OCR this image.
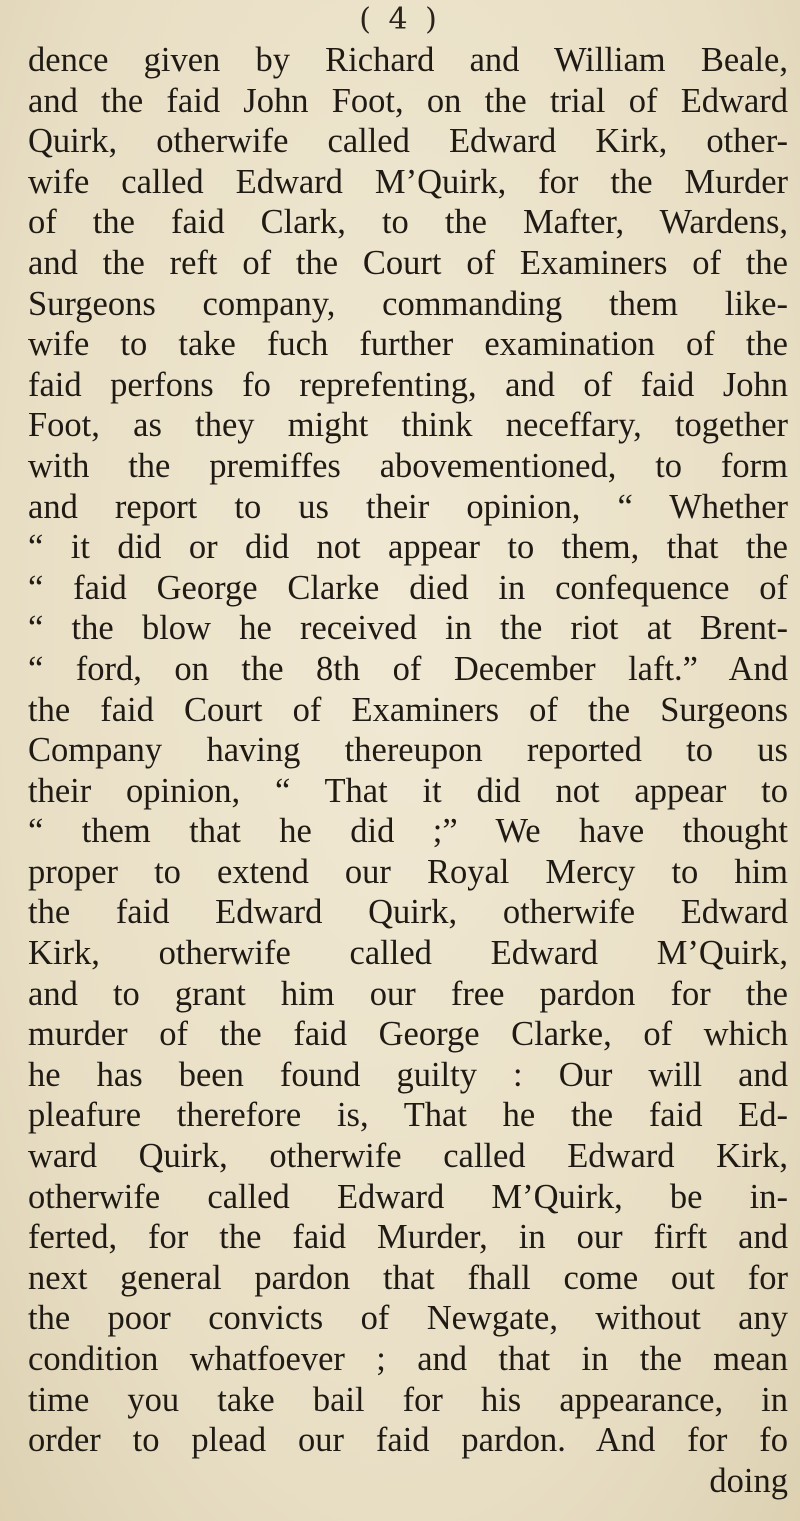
( 4 )
dence given by Richard and William Beale,
and the faid John Foot, on the trial of Edward
Quirk, otherwife called Edward Kirk, other-
wife called Edward M’Quirk, for the Murder
of the faid Clark, to the Mafter, Wardens,
and the reft of the Court of Examiners of the
Surgeons company, commanding them like-
wife to take fuch further examination of the
faid perfons fo reprefenting, and of faid John
Foot, as they might think neceffary, together
with the premiffes abovementioned, to form
and report to us their opinion, “ Whether
“ it did or did not appear to them, that the
“ faid George Clarke died in confequence of
“ the blow he received in the riot at Brent-
“ ford, on the 8th of December laft.” And
the faid Court of Examiners of the Surgeons
Company having thereupon reported to us
their opinion, “ That it did not appear to
“ them that he did ;” We have thought
proper to extend our Royal Mercy to him
the faid Edward Quirk, otherwife Edward
Kirk, otherwife called Edward M’Quirk,
and to grant him our free pardon for the
murder of the faid George Clarke, of which
he has been found guilty : Our will and
pleafure therefore is, That he the faid Ed-
ward Quirk, otherwife called Edward Kirk,
otherwife called Edward M’Quirk, be in-
ferted, for the faid Murder, in our firft and
next general pardon that fhall come out for
the poor convicts of Newgate, without any
condition whatfoever ; and that in the mean
time you take bail for his appearance, in
order to plead our faid pardon. And for fo
doing
